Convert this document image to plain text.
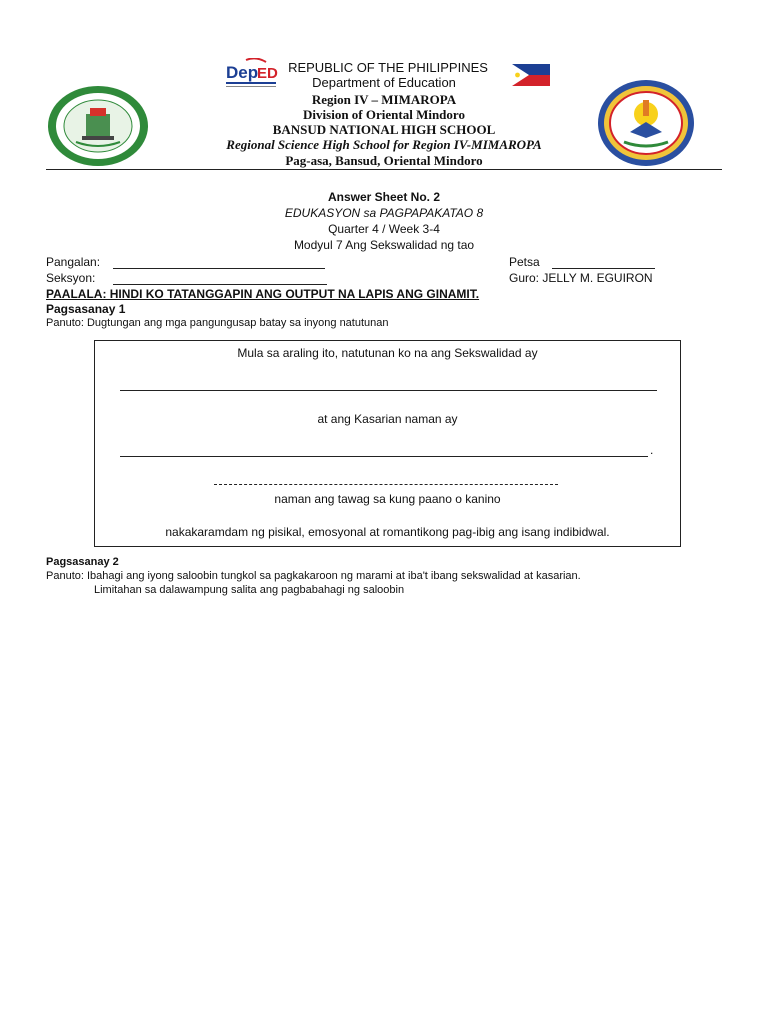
Dep
ED REPUBLIC OF THE PHILIPPINES
Department of Education
Region IV – MIMAROPA
Division of Oriental Mindoro
BANSUD NATIONAL HIGH SCHOOL
Regional Science High School for Region IV-MIMAROPA
Pag-asa, Bansud, Oriental Mindoro
Answer Sheet No. 2
EDUKASYON sa PAGPAPAKATAO 8
Quarter 4 / Week 3-4
Modyul 7 Ang Sekswalidad ng tao
Pangalan:	Petsa
Seksyon:	Guro: JELLY M. EGUIRON
PAALALA: HINDI KO TATANGGAPIN ANG OUTPUT NA LAPIS ANG GINAMIT.
Pagsasanay 1
Panuto: Dugtungan ang mga pangungusap batay sa inyong natutunan
Mula sa araling ito, natutunan ko na ang Sekswalidad ay
at ang Kasarian naman ay
.
naman ang tawag sa kung paano o kanino
nakakaramdam ng pisikal, emosyonal at romantikong pag-ibig ang isang indibidwal.
Pagsasanay 2
Panuto: Ibahagi ang iyong saloobin tungkol sa pagkakaroon ng marami at iba't ibang sekswalidad at kasarian.
Limitahan sa dalawampung salita ang pagbabahagi ng saloobin
